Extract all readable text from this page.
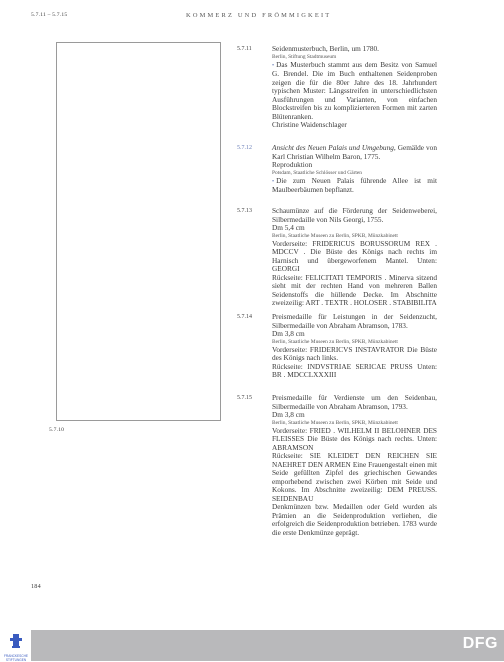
5.7.11 – 5.7.15	KOMMERZ UND FRÖMMIGKEIT
5.7.10
5.7.11	Seidenmusterbuch, Berlin, um 1780.
Berlin, Stiftung Stadtmuseum
• Das Musterbuch stammt aus dem Besitz von Samuel G. Brendel. Die im Buch enthaltenen Seidenproben zeigen die für die 80er Jahre des 18. Jahrhundert typischen Muster: Längsstreifen in unterschiedlichsten Ausführungen und Varianten, von einfachen Blockstreifen bis zu komplizierteren Formen mit zarten Blütenranken.
Christine Waidenschlager
5.7.12	Ansicht des Neuen Palais und Umgebung, Gemälde von Karl Christian Wilhelm Baron, 1775.
Reproduktion
Potsdam, Staatliche Schlösser und Gärten
• Die zum Neuen Palais führende Allee ist mit Maulbeerbäumen bepflanzt.
5.7.13	Schaumünze auf die Förderung der Seidenweberei, Silbermedaille von Nils Georgi, 1755.
Dm 5,4 cm
Berlin, Staatliche Museen zu Berlin, SPKB, Münzkabinett
Vorderseite: FRIDERICUS BORUSSORUM REX . MDCCV . Die Büste des Königs nach rechts im Harnisch und übergeworfenem Mantel. Unten: GEORGI
Rückseite: FELICITATI TEMPORIS . Minerva sitzend sieht mit der rechten Hand von mehreren Ballen Seidenstoffs die hüllende Decke. Im Abschnitte zweizeilig: ART . TEXTR . HOLOSER . STABIBILITA
5.7.14	Preismedaille für Leistungen in der Seidenzucht, Silbermedaille von Abraham Abramson, 1783.
Dm 3,8 cm
Berlin, Staatliche Museen zu Berlin, SPKB, Münzkabinett
Vorderseite: FRIDERICVS INSTAVRATOR Die Büste des Königs nach links.
Rückseite: INDVSTRIAE SERICAE PRUSS Unten: BR . MDCCLXXXIII
5.7.15	Preismedaille für Verdienste um den Seidenbau, Silbermedaille von Abraham Abramson, 1793.
Dm 3,8 cm
Berlin, Staatliche Museen zu Berlin, SPKB, Münzkabinett
Vorderseite: FRIED . WILHELM II BELOHNER DES FLEISSES Die Büste des Königs nach rechts. Unten: ABRAMSON
Rückseite: SIE KLEIDET DEN REICHEN SIE NAEHRET DEN ARMEN Eine Frauengestalt einen mit Seide gefüllten Zipfel des griechischen Gewandes emporhebend zwischen zwei Körben mit Seide und Kokons. Im Abschnitte zweizeilig: DEM PREUSS. SEIDENBAU
Denkmünzen bzw. Medaillen oder Geld wurden als Prämien an die Seidenproduktion verliehen, die erfolgreich die Seidenproduktion betrieben. 1783 wurde die erste Denkmünze geprägt.
184
FRANCKESCHE STIFTUNGEN
DFG
